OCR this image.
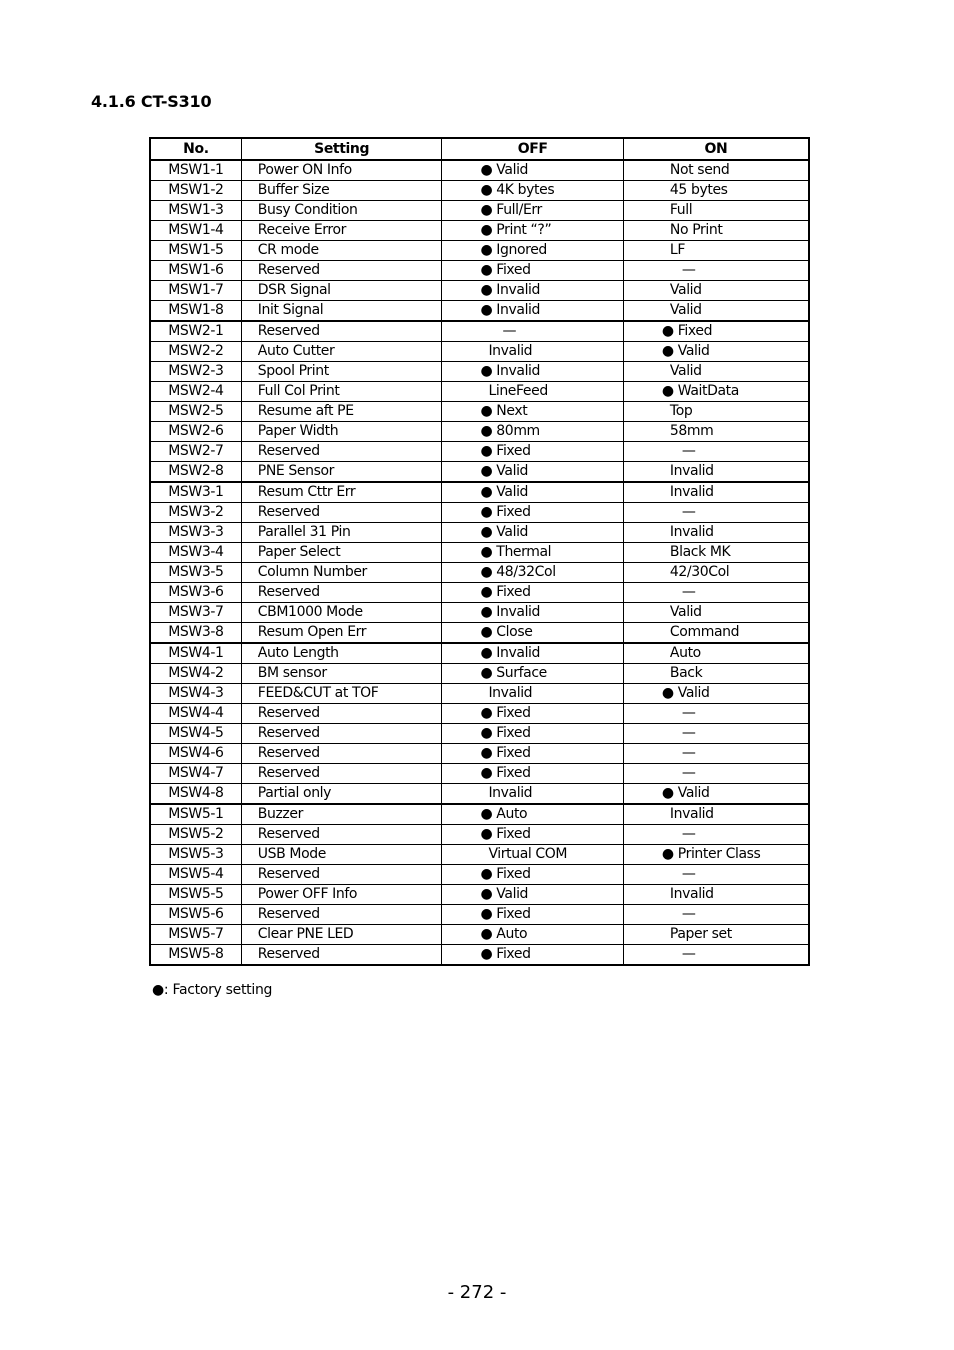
4.1.6 CT-S310
No.	Setting	OFF	ON
MSW1-1	Power ON Info	● Valid	Not send
MSW1-2	Buffer Size	● 4K bytes	45 bytes
MSW1-3	Busy Condition	● Full/Err	Full
MSW1-4	Receive Error	● Print “?”	No Print
MSW1-5	CR mode	● Ignored	LF
MSW1-6	Reserved	● Fixed	—
MSW1-7	DSR Signal	● Invalid	Valid
MSW1-8	Init Signal	● Invalid	Valid
MSW2-1	Reserved	—	● Fixed
MSW2-2	Auto Cutter	Invalid	● Valid
MSW2-3	Spool Print	● Invalid	Valid
MSW2-4	Full Col Print	LineFeed	● WaitData
MSW2-5	Resume aft PE	● Next	Top
MSW2-6	Paper Width	● 80mm	58mm
MSW2-7	Reserved	● Fixed	—
MSW2-8	PNE Sensor	● Valid	Invalid
MSW3-1	Resum Cttr Err	● Valid	Invalid
MSW3-2	Reserved	● Fixed	—
MSW3-3	Parallel 31 Pin	● Valid	Invalid
MSW3-4	Paper Select	● Thermal	Black MK
MSW3-5	Column Number	● 48/32Col	42/30Col
MSW3-6	Reserved	● Fixed	—
MSW3-7	CBM1000 Mode	● Invalid	Valid
MSW3-8	Resum Open Err	● Close	Command
MSW4-1	Auto Length	● Invalid	Auto
MSW4-2	BM sensor	● Surface	Back
MSW4-3	FEED&CUT at TOF	Invalid	● Valid
MSW4-4	Reserved	● Fixed	—
MSW4-5	Reserved	● Fixed	—
MSW4-6	Reserved	● Fixed	—
MSW4-7	Reserved	● Fixed	—
MSW4-8	Partial only	Invalid	● Valid
MSW5-1	Buzzer	● Auto	Invalid
MSW5-2	Reserved	● Fixed	—
MSW5-3	USB Mode	Virtual COM	● Printer Class
MSW5-4	Reserved	● Fixed	—
MSW5-5	Power OFF Info	● Valid	Invalid
MSW5-6	Reserved	● Fixed	—
MSW5-7	Clear PNE LED	● Auto	Paper set
MSW5-8	Reserved	● Fixed	—
●: Factory setting
- 272 -
